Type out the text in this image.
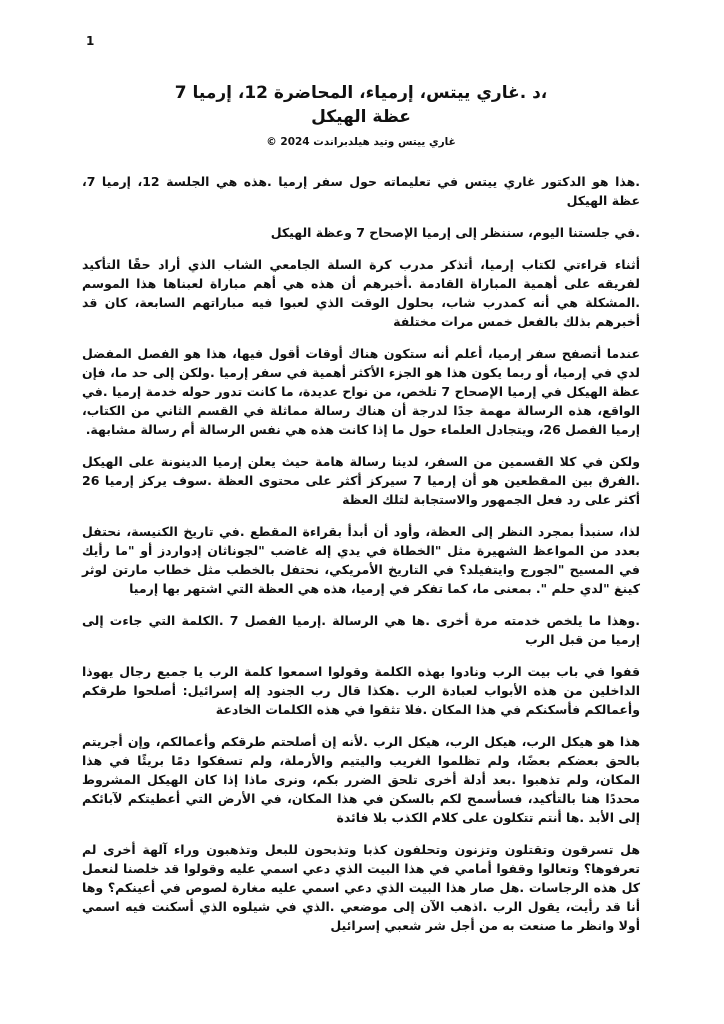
1
،د .غاري ييتس، إرمياء، المحاضرة 12، إرميا 7
عظة الهيكل
غاري ييتس وتيد هيلدبراندت 2024 ©

.هذا هو الدكتور غاري ييتس في تعليماته حول سفر إرميا .هذه هي الجلسة 12، إرميا 7، عظة الهيكل

.في جلستنا اليوم، سننظر إلى إرميا الإصحاح 7 وعظة الهيكل

أثناء قراءتي لكتاب إرميا، أتذكر مدرب كرة السلة الجامعي الشاب الذي أراد حقًا التأكيد لفريقه على أهمية المباراة القادمة .أخبرهم أن هذه هي أهم مباراة لعبناها هذا الموسم .المشكلة هي أنه كمدرب شاب، بحلول الوقت الذي لعبوا فيه مباراتهم السابعة، كان قد أخبرهم بذلك بالفعل خمس مرات مختلفة

عندما أتصفح سفر إرميا، أعلم أنه ستكون هناك أوقات أقول فيها، هذا هو الفصل المفضل لدي في إرميا، أو ربما يكون هذا هو الجزء الأكثر أهمية في سفر إرميا .ولكن إلى حد ما، فإن عظة الهيكل في إرميا الإصحاح 7 تلخص، من نواح عديدة، ما كانت تدور حوله خدمة إرميا .في الواقع، هذه الرسالة مهمة جدًا لدرجة أن هناك رسالة مماثلة في القسم الثاني من الكتاب، إرميا الفصل 26، ويتجادل العلماء حول ما إذا كانت هذه هي نفس الرسالة أم رسالة مشابهة.

ولكن في كلا القسمين من السفر، لدينا رسالة هامة حيث يعلن إرميا الدينونة على الهيكل .الفرق بين المقطعين هو أن إرميا 7 سيركز أكثر على محتوى العظة .سوف يركز إرميا 26 أكثر على رد فعل الجمهور والاستجابة لتلك العظة

لذا، سنبدأ بمجرد النظر إلى العظة، وأود أن أبدأ بقراءة المقطع .في تاريخ الكنيسة، نحتفل بعدد من المواعظ الشهيرة مثل "الخطاة في يدي إله غاضب "لجوناثان إدواردز أو "ما رأيك في المسيح "لجورج وايتفيلد؟ في التاريخ الأمريكي، نحتفل بالخطب مثل خطاب مارتن لوثر كينغ "لدي حلم ". بمعنى ما، كما تفكر في إرميا، هذه هي العظة التي اشتهر بها إرميا

.وهذا ما يلخص خدمته مرة أخرى .ها هي الرسالة .إرميا الفصل 7 .الكلمة التي جاءت إلى إرميا من قبل الرب

قفوا في باب بيت الرب ونادوا بهذه الكلمة وقولوا اسمعوا كلمة الرب يا جميع رجال يهوذا الداخلين من هذه الأبواب لعبادة الرب .هكذا قال رب الجنود إله إسرائيل: أصلحوا طرقكم وأعمالكم فأسكنكم في هذا المكان .فلا تثقوا في هذه الكلمات الخادعة

هذا هو هيكل الرب، هيكل الرب، هيكل الرب .لأنه إن أصلحتم طرقكم وأعمالكم، وإن أجريتم بالحق بعضكم بعضًا، ولم تظلموا الغريب واليتيم والأرملة، ولم تسفكوا دمًا بريئًا في هذا المكان، ولم تذهبوا .بعد أدلة أخرى تلحق الضرر بكم، ونرى ماذا إذا كان الهيكل المشروط محددًا هنا بالتأكيد، فسأسمح لكم بالسكن في هذا المكان، في الأرض التي أعطيتكم لآبائكم إلى الأبد .ها أنتم تتكلون على كلام الكذب بلا فائدة

هل تسرقون وتقتلون وتزنون وتحلفون كذبا وتذبحون للبعل وتذهبون وراء آلهة أخرى لم تعرفوها؟ وتعالوا وقفوا أمامي في هذا البيت الذي دعي اسمي عليه وقولوا قد خلصنا لنعمل كل هذه الرجاسات .هل صار هذا البيت الذي دعي اسمي عليه مغارة لصوص في أعينكم؟ وها أنا قد رأيت، يقول الرب .اذهب الآن إلى موضعي .الذي في شيلوه الذي أسكنت فيه اسمي أولا وانظر ما صنعت به من أجل شر شعبي إسرائيل
